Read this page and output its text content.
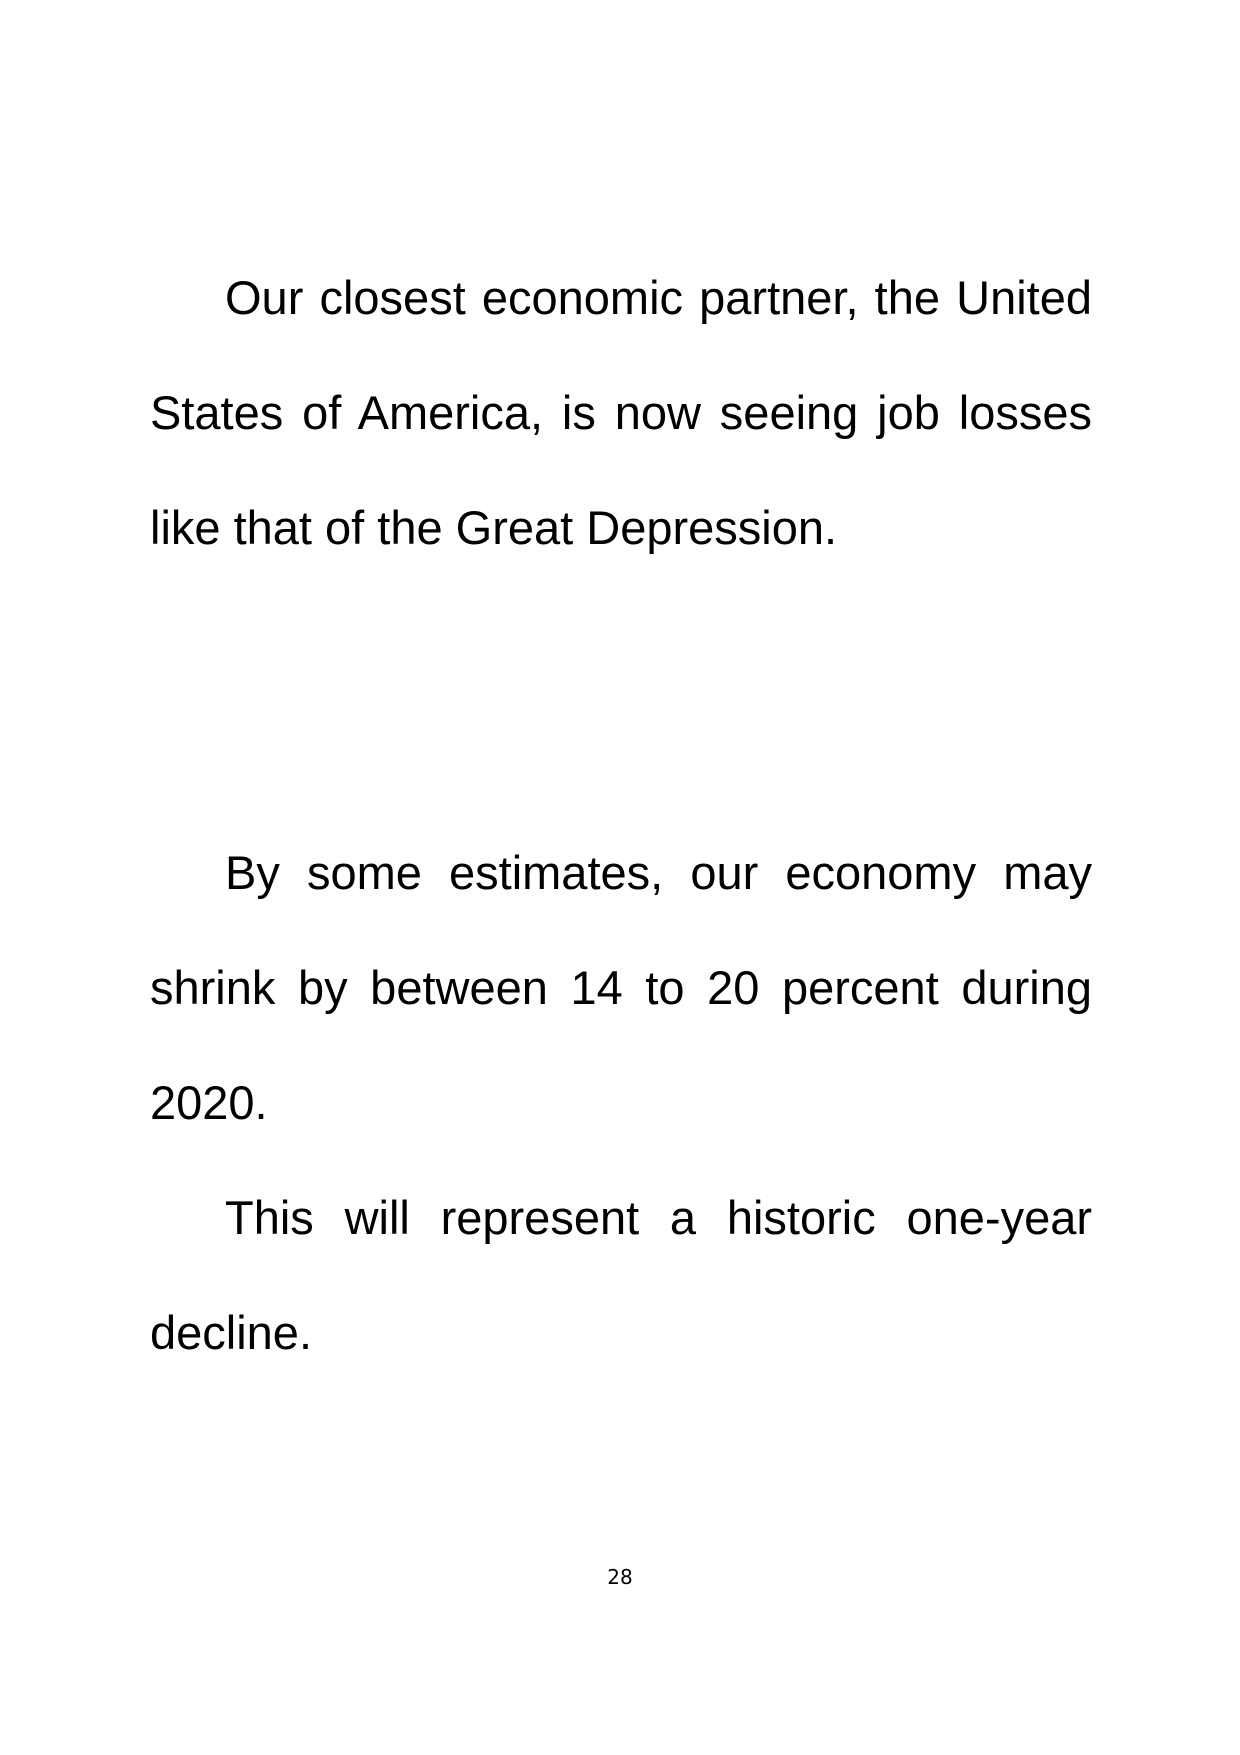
Our closest economic partner, the United States of America, is now seeing job losses like that of the Great Depression.

By some estimates, our economy may shrink by between 14 to 20 percent during 2020.

This will represent a historic one-year decline.

28
